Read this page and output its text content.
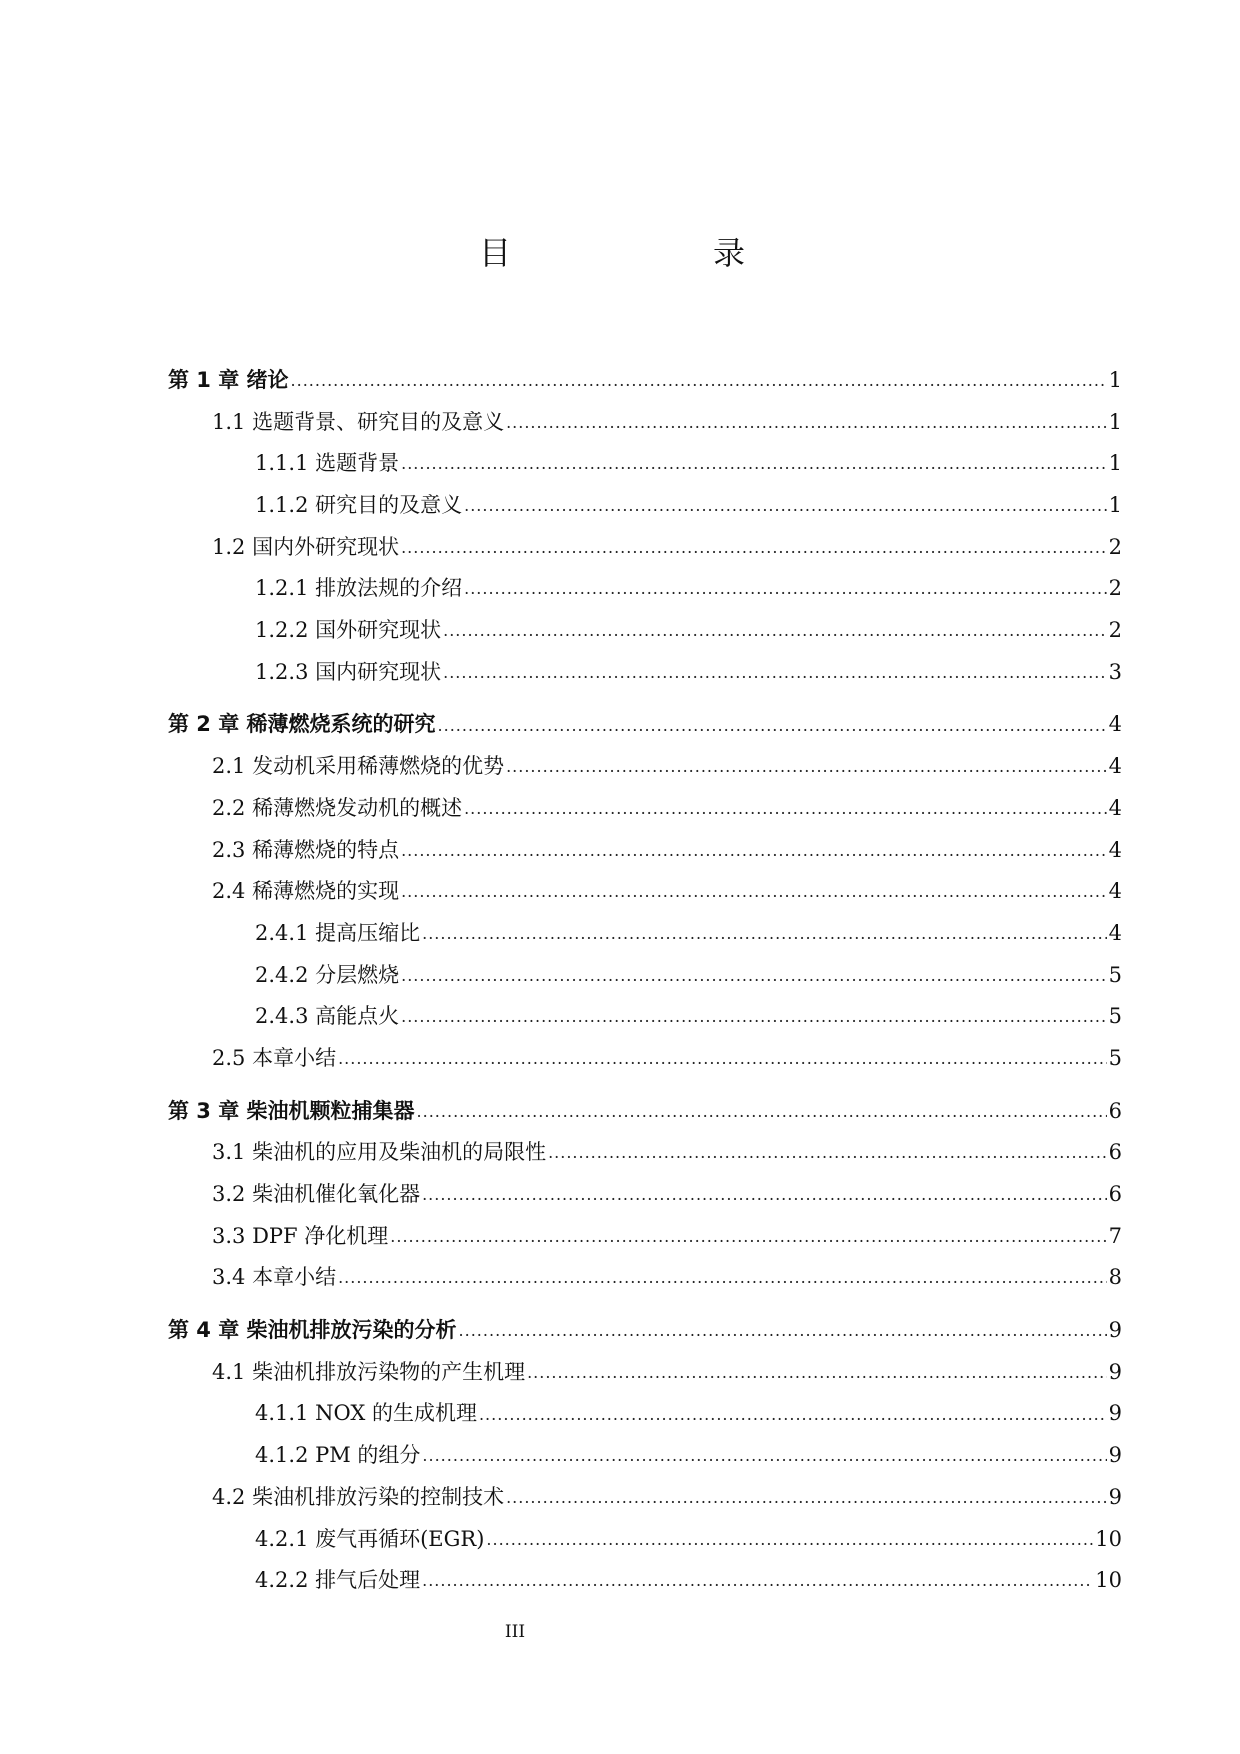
目　　录
第 1 章 绪论 .....	1
1.1 选题背景、研究目的及意义 .....	1
1.1.1 选题背景 .....	1
1.1.2 研究目的及意义 .....	1
1.2 国内外研究现状 .....	2
1.2.1 排放法规的介绍 .....	2
1.2.2 国外研究现状 .....	2
1.2.3 国内研究现状 .....	3
第 2 章 稀薄燃烧系统的研究 .....	4
2.1 发动机采用稀薄燃烧的优势 .....	4
2.2 稀薄燃烧发动机的概述 .....	4
2.3 稀薄燃烧的特点 .....	4
2.4 稀薄燃烧的实现 .....	4
2.4.1 提高压缩比 .....	4
2.4.2 分层燃烧 .....	5
2.4.3 高能点火 .....	5
2.5 本章小结 .....	5
第 3 章 柴油机颗粒捕集器 .....	6
3.1 柴油机的应用及柴油机的局限性 .....	6
3.2 柴油机催化氧化器 .....	6
3.3 DPF 净化机理 .....	7
3.4 本章小结 .....	8
第 4 章 柴油机排放污染的分析 .....	9
4.1 柴油机排放污染物的产生机理 .....	9
4.1.1 NOX 的生成机理 .....	9
4.1.2 PM 的组分 .....	9
4.2 柴油机排放污染的控制技术 .....	9
4.2.1 废气再循环(EGR) .....	10
4.2.2 排气后处理 .....	10
III
